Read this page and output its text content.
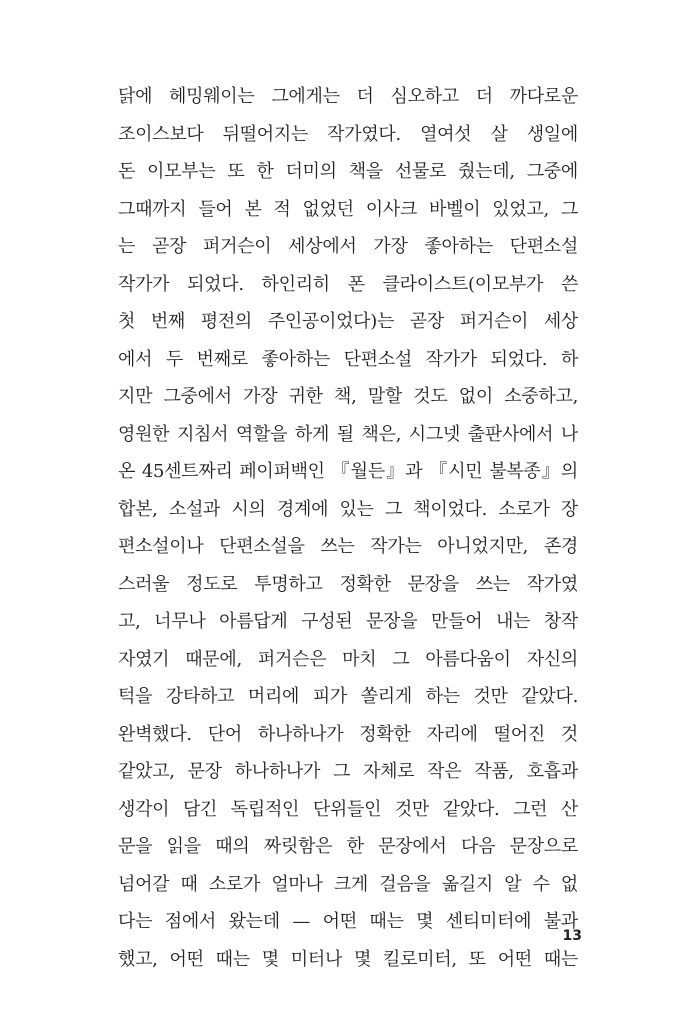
닭에 헤밍웨이는 그에게는 더 심오하고 더 까다로운
조이스보다 뒤떨어지는 작가였다. 열여섯 살 생일에
돈 이모부는 또 한 더미의 책을 선물로 줬는데, 그중에
그때까지 들어 본 적 없었던 이사크 바벨이 있었고, 그
는 곧장 퍼거슨이 세상에서 가장 좋아하는 단편소설
작가가 되었다. 하인리히 폰 클라이스트(이모부가 쓴
첫 번째 평전의 주인공이었다)는 곧장 퍼거슨이 세상
에서 두 번째로 좋아하는 단편소설 작가가 되었다. 하
지만 그중에서 가장 귀한 책, 말할 것도 없이 소중하고,
영원한 지침서 역할을 하게 될 책은, 시그넷 출판사에서 나
온 45센트짜리 페이퍼백인 『월든』과 『시민 불복종』의
합본, 소설과 시의 경계에 있는 그 책이었다. 소로가 장
편소설이나 단편소설을 쓰는 작가는 아니었지만, 존경
스러울 정도로 투명하고 정확한 문장을 쓰는 작가였
고, 너무나 아름답게 구성된 문장을 만들어 내는 창작
자였기 때문에, 퍼거슨은 마치 그 아름다움이 자신의
턱을 강타하고 머리에 피가 쏠리게 하는 것만 같았다.
완벽했다. 단어 하나하나가 정확한 자리에 떨어진 것
같았고, 문장 하나하나가 그 자체로 작은 작품, 호흡과
생각이 담긴 독립적인 단위들인 것만 같았다. 그런 산
문을 읽을 때의 짜릿함은 한 문장에서 다음 문장으로
넘어갈 때 소로가 얼마나 크게 걸음을 옮길지 알 수 없
다는 점에서 왔는데 — 어떤 때는 몇 센티미터에 불과
했고, 어떤 때는 몇 미터나 몇 킬로미터, 또 어떤 때는
13
